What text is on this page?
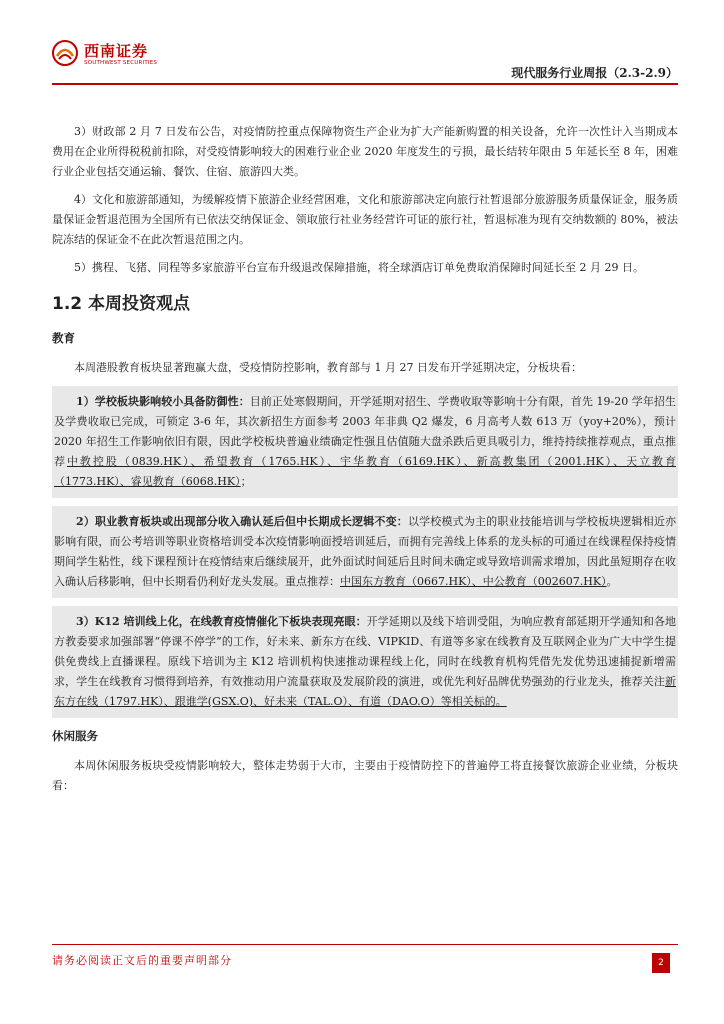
西南证券
SOUTHWEST SECURITIES
现代服务行业周报（2.3-2.9）

3）财政部 2 月 7 日发布公告，对疫情防控重点保障物资生产企业为扩大产能新购置的相关设备，允许一次性计入当期成本费用在企业所得税税前扣除，对受疫情影响较大的困难行业企业 2020 年度发生的亏损，最长结转年限由 5 年延长至 8 年，困难行业企业包括交通运输、餐饮、住宿、旅游四大类。

4）文化和旅游部通知，为缓解疫情下旅游企业经营困难，文化和旅游部决定向旅行社暂退部分旅游服务质量保证金，服务质量保证金暂退范围为全国所有已依法交纳保证金、领取旅行社业务经营许可证的旅行社，暂退标准为现有交纳数额的 80%，被法院冻结的保证金不在此次暂退范围之内。

5）携程、飞猪、同程等多家旅游平台宣布升级退改保障措施，将全球酒店订单免费取消保障时间延长至 2 月 29 日。

1.2 本周投资观点
教育

本周港股教育板块显著跑赢大盘，受疫情防控影响，教育部与 1 月 27 日发布开学延期决定，分板块看：

1）学校板块影响较小具备防御性：目前正处寒假期间，开学延期对招生、学费收取等影响十分有限，首先 19-20 学年招生及学费收取已完成，可锁定 3-6 年，其次新招生方面参考 2003 年非典 Q2 爆发，6 月高考人数 613 万（yoy+20%），预计 2020 年招生工作影响依旧有限，因此学校板块普遍业绩确定性强且估值随大盘杀跌后更具吸引力，维持持续推荐观点，重点推荐中教控股（0839.HK）、希望教育（1765.HK）、宇华教育（6169.HK）、新高教集团（2001.HK）、天立教育（1773.HK）、睿见教育（6068.HK）；

2）职业教育板块或出现部分收入确认延后但中长期成长逻辑不变：以学校模式为主的职业技能培训与学校板块逻辑相近亦影响有限，而公考培训等职业资格培训受本次疫情影响面授培训延后，而拥有完善线上体系的龙头标的可通过在线课程保持疫情期间学生粘性，线下课程预计在疫情结束后继续展开，此外面试时间延后且时间未确定或导致培训需求增加，因此虽短期存在收入确认后移影响，但中长期看仍利好龙头发展。重点推荐：中国东方教育（0667.HK）、中公教育（002607.HK）。

3）K12 培训线上化，在线教育疫情催化下板块表现亮眼：开学延期以及线下培训受阻，为响应教育部延期开学通知和各地方教委要求加强部署“停课不停学”的工作，好未来、新东方在线、VIPKID、有道等多家在线教育及互联网企业为广大中学生提供免费线上直播课程。原线下培训为主 K12 培训机构快速推动课程线上化，同时在线教育机构凭借先发优势迅速捕捉新增需求，学生在线教育习惯得到培养，有效推动用户流量获取及发展阶段的演进，或优先利好品牌优势强劲的行业龙头，推荐关注新东方在线（1797.HK）、跟谁学(GSX.O)、好未来（TAL.O）、有道（DAO.O）等相关标的。

休闲服务

本周休闲服务板块受疫情影响较大，整体走势弱于大市，主要由于疫情防控下的普遍停工将直接餐饮旅游企业业绩，分板块看：

请务必阅读正文后的重要声明部分	2
